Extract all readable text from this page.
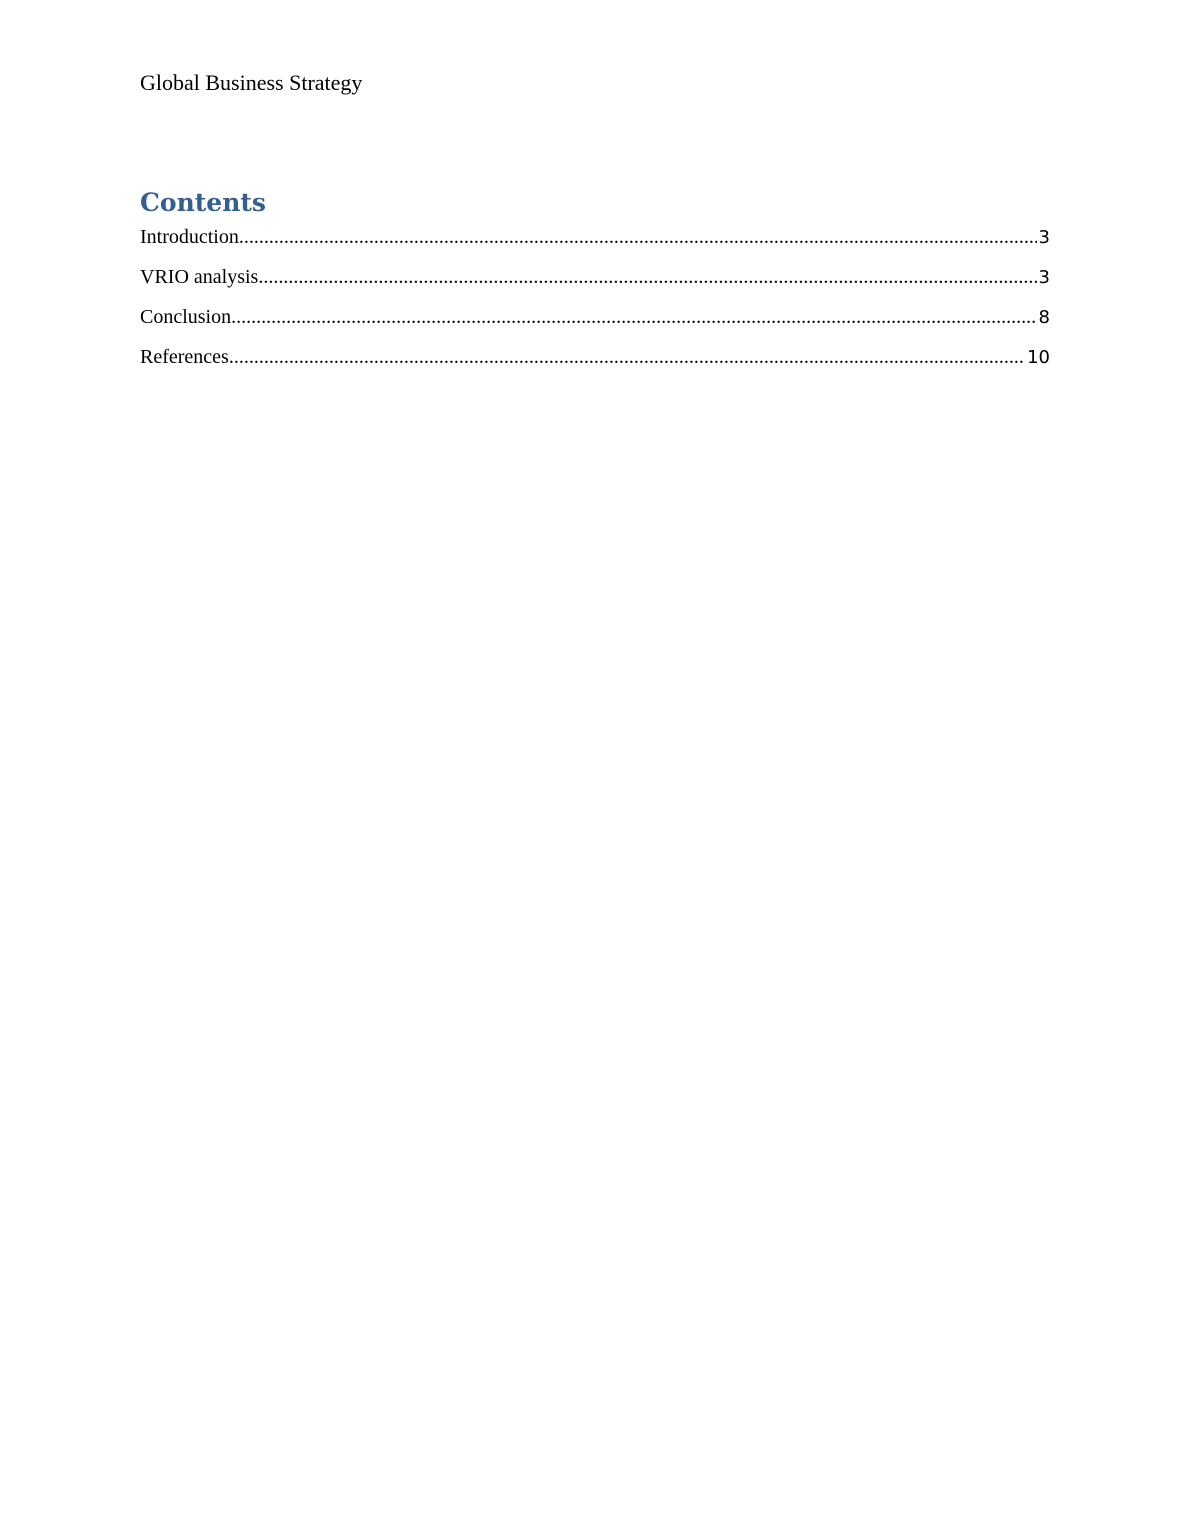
Global Business Strategy
Contents
Introduction .....	3
VRIO analysis .....	3
Conclusion .....	8
References .....	10
